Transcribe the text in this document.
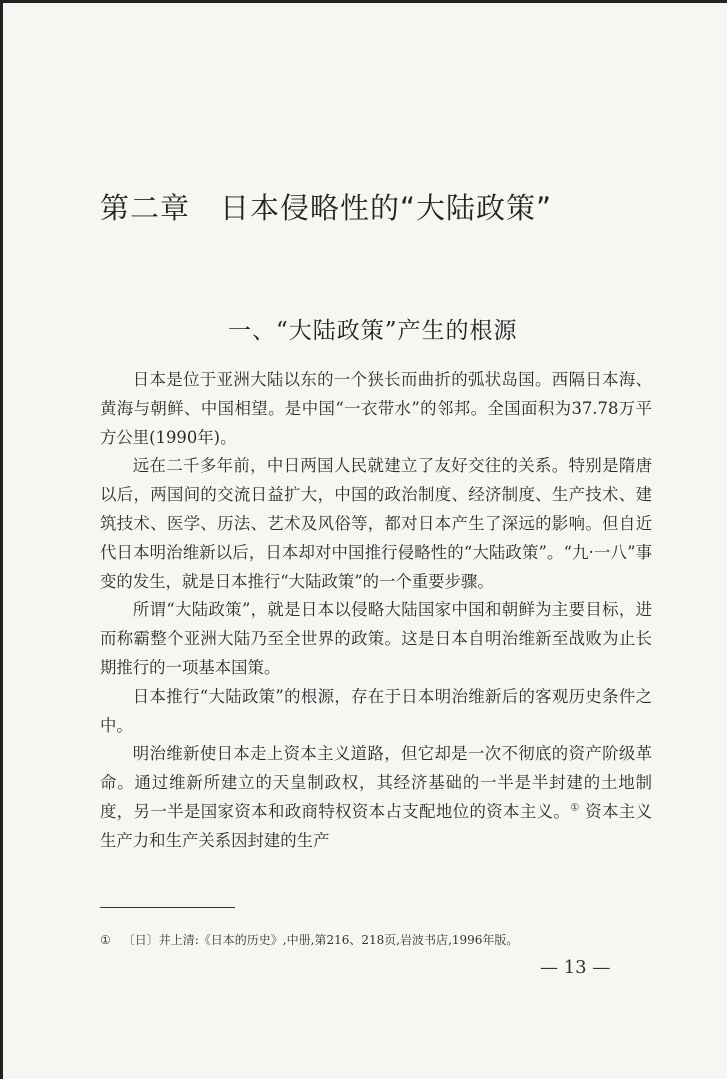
第二章 日本侵略性的“大陆政策”
一、“大陆政策”产生的根源

日本是位于亚洲大陆以东的一个狭长而曲折的弧状岛国。西隔日本海、黄海与朝鲜、中国相望。是中国“一衣带水”的邻邦。全国面积为37.78万平方公里(1990年)。

远在二千多年前，中日两国人民就建立了友好交往的关系。特别是隋唐以后，两国间的交流日益扩大，中国的政治制度、经济制度、生产技术、建筑技术、医学、历法、艺术及风俗等，都对日本产生了深远的影响。但自近代日本明治维新以后，日本却对中国推行侵略性的“大陆政策”。“九·一八”事变的发生，就是日本推行“大陆政策”的一个重要步骤。

所谓“大陆政策”，就是日本以侵略大陆国家中国和朝鲜为主要目标，进而称霸整个亚洲大陆乃至全世界的政策。这是日本自明治维新至战败为止长期推行的一项基本国策。

日本推行“大陆政策”的根源，存在于日本明治维新后的客观历史条件之中。

明治维新使日本走上资本主义道路，但它却是一次不彻底的资产阶级革命。通过维新所建立的天皇制政权，其经济基础的一半是半封建的土地制度，另一半是国家资本和政商特权资本占支配地位的资本主义。① 资本主义生产力和生产关系因封建的生产

① 〔日〕井上清:《日本的历史》,中册,第216、218页,岩波书店,1996年版。
— 13 —
